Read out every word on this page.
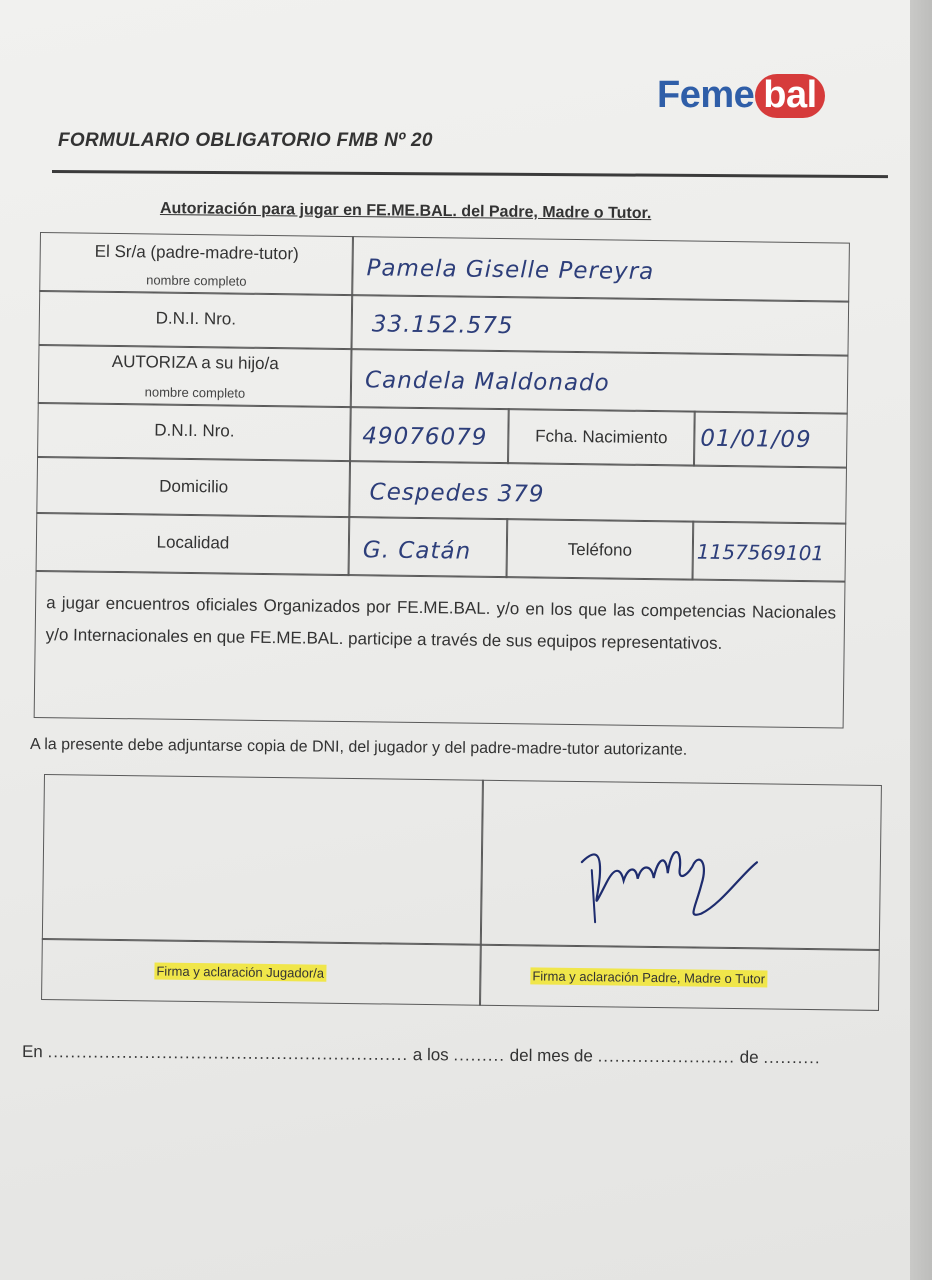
Feme bal
FORMULARIO OBLIGATORIO FMB Nº 20
Autorización para jugar en FE.ME.BAL. del Padre, Madre o Tutor.
El Sr/a (padre-madre-tutor)
nombre completo	Pamela Giselle Pereyra
D.N.I. Nro.	33.152.575
AUTORIZA a su hijo/a
nombre completo	Candela Maldonado
D.N.I. Nro.	49076079	Fcha. Nacimiento	01/01/09
Domicilio	Cespedes 379
Localidad	G. Catán	Teléfono	1157569101
a jugar encuentros oficiales Organizados por FE.ME.BAL. y/o en los que las competencias Nacionales y/o Internacionales en que FE.ME.BAL. participe a través de sus equipos representativos.
A la presente debe adjuntarse copia de DNI, del jugador y del padre-madre-tutor autorizante.
Firma y aclaración Jugador/a	Firma y aclaración Padre, Madre o Tutor
En ............................................................... a los ......... del mes de ........................ de ..........
